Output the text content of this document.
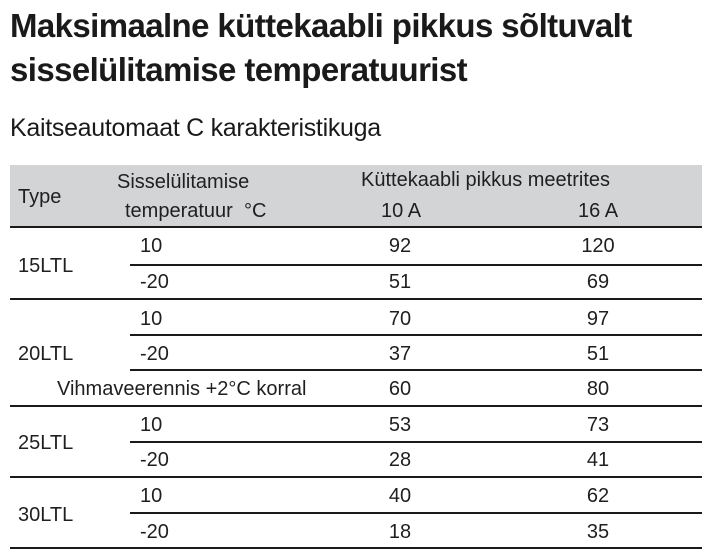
Maksimaalne küttekaabli pikkus sõltuvalt
sisselülitamise temperatuurist
Kaitseautomaat C karakteristikuga
Type
Sisselülitamise
temperatuur  °C
Küttekaabli pikkus meetrites
10 A	16 A
15LTL
10	92	120
-20	51	69
20LTL
10	70	97
-20	37	51
Vihmaveerennis +2°C korral	60	80
25LTL
10	53	73
-20	28	41
30LTL
10	40	62
-20	18	35
